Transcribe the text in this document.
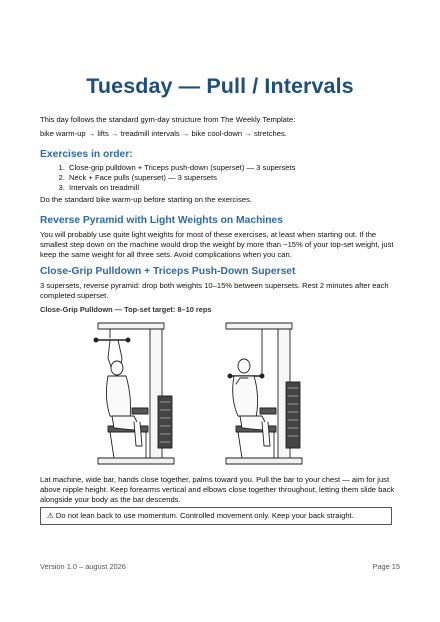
Tuesday — Pull / Intervals

This day follows the standard gym-day structure from The Weekly Template:

bike warm-up → lifts → treadmill intervals → bike cool-down → stretches.

Exercises in order:
1. Close-grip pulldown + Triceps push-down (superset) — 3 supersets
2. Neck + Face pulls (superset) — 3 supersets
3. Intervals on treadmill

Do the standard bike warm-up before starting on the exercises.

Reverse Pyramid with Light Weights on Machines

You will probably use quite light weights for most of these exercises, at least when starting out. If the smallest step down on the machine would drop the weight by more than ~15% of your top-set weight, just keep the same weight for all three sets. Avoid complications when you can.

Close-Grip Pulldown + Triceps Push-Down Superset

3 supersets, reverse pyramid: drop both weights 10–15% between supersets. Rest 2 minutes after each completed superset.

Close-Grip Pulldown — Top-set target: 8–10 reps

Lat machine, wide bar, hands close together, palms toward you. Pull the bar to your chest — aim for just above nipple height. Keep forearms vertical and elbows close together throughout, letting them slide back alongside your body as the bar descends.

⚠ Do not lean back to use momentum. Controlled movement only. Keep your back straight.
Version 1.0 – august 2026	Page 15
